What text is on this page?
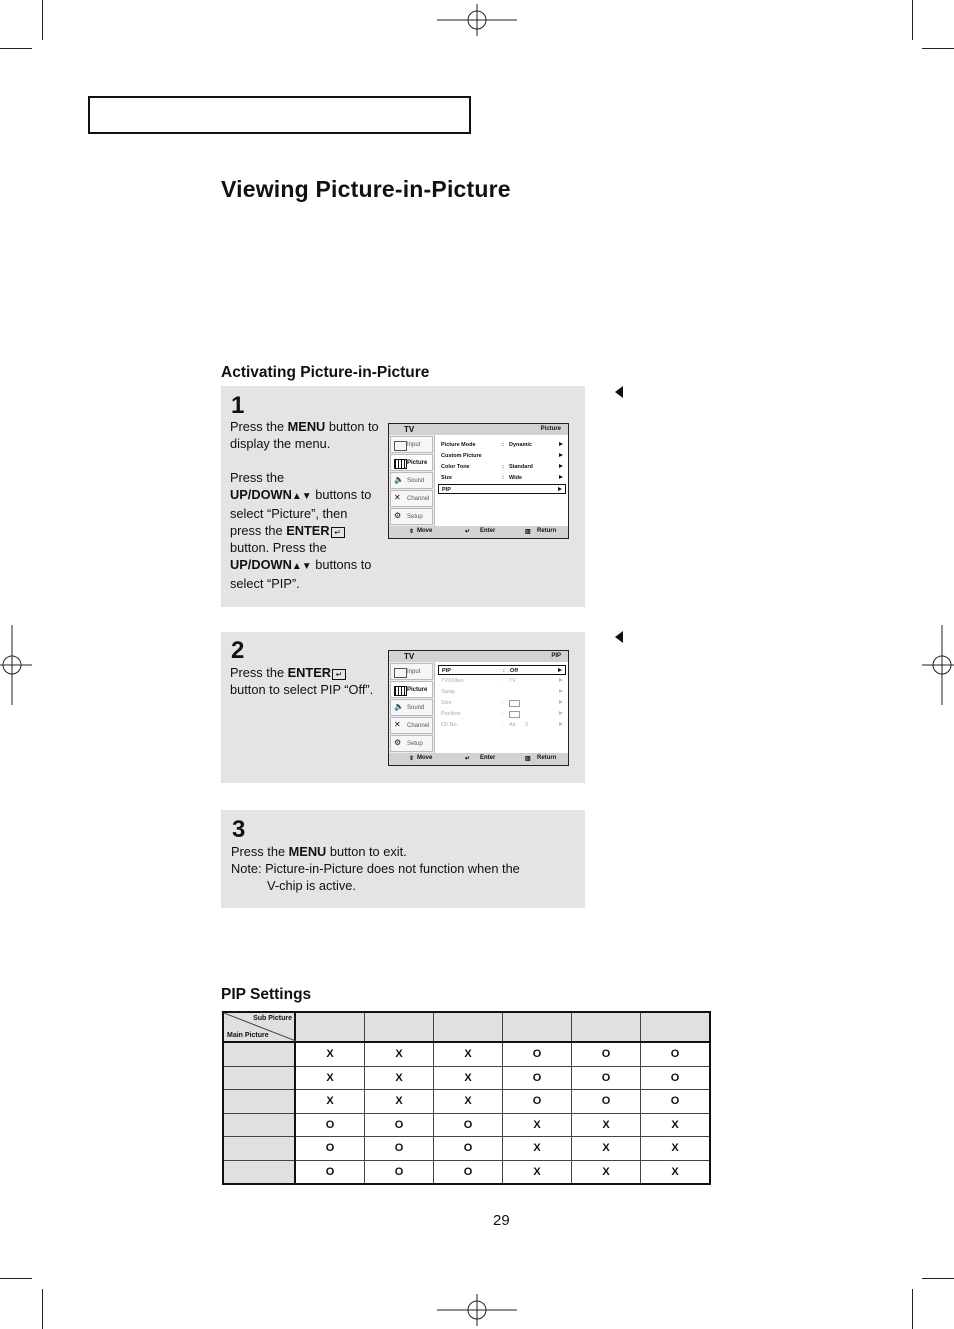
Viewing Picture-in-Picture
Activating Picture-in-Picture
1
Press the MENU button to display the menu.

Press the
UP/DOWN▲▼ buttons to select “Picture”, then press the ENTER ↵ button. Press the
UP/DOWN▲▼ buttons to select “PIP”.
TV	Picture
Input
Picture
🔈 Sound
✕	Channel
⚙ Setup
Picture Mode	: Dynamic
Custom Picture
Color Tone	: Standard
Size	: Wide
PIP
⇕ Move	↵ Enter	▥ Return
2
Press the ENTER ↵ button to select PIP “Off”.
TV	PIP
Input
Picture
🔈 Sound
✕	Channel
⚙ Setup
PIP	: Off
TV/Video	: TV
Swap
Size	:
Position	:
Ch.No.	: Air      3
⇕ Move	↵ Enter	▥ Return
3
Press the MENU button to exit.
Note: Picture-in-Picture does not function when the
V-chip is active.
PIP Settings
Sub Picture
Main Picture						

	X	X	X	O	O	O
	X	X	X	O	O	O
	X	X	X	O	O	O
	O	O	O	X	X	X
	O	O	O	X	X	X
	O	O	O	X	X	X
29
